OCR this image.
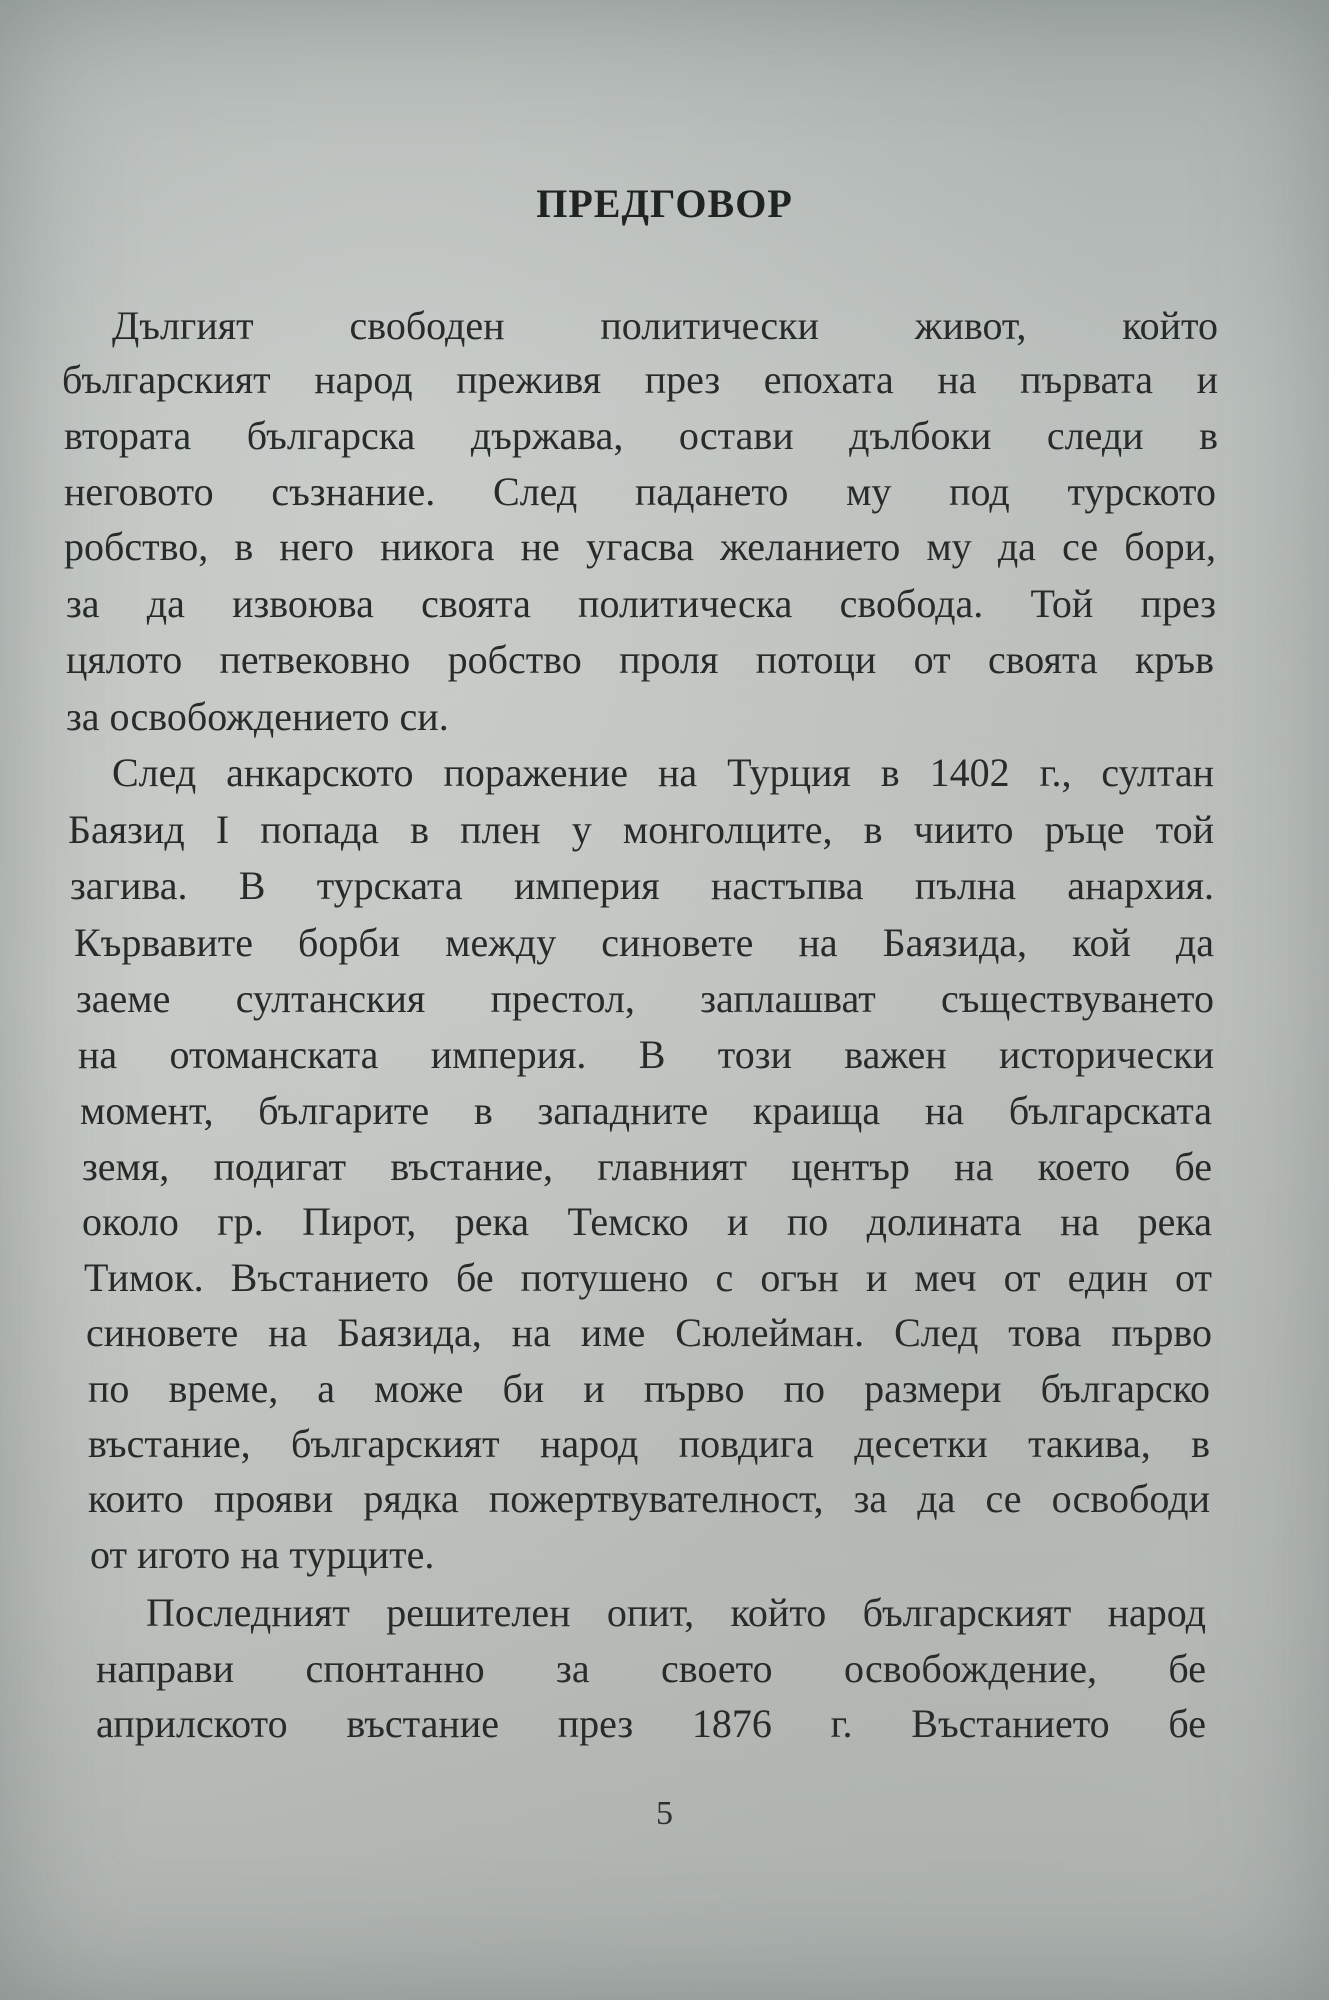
ПРЕДГОВОР
Дългият свободен политически живот, който
българският народ преживя през епохата на първата и
втората българска държава, остави дълбоки следи в
неговото съзнание. След падането му под турското
робство, в него никога не угасва желанието му да се бори,
за да извоюва своята политическа свобода. Той през
цялото петвековно робство проля потоци от своята кръв
за освобождението си.
След анкарското поражение на Турция в 1402 г., султан
Баязид I попада в плен у монголците, в чиито ръце той
загива. В турската империя настъпва пълна анархия.
Кървавите борби между синовете на Баязида, кой да
заеме султанския престол, заплашват съществуването
на отоманската империя. В този важен исторически
момент, българите в западните краища на българската
земя, подигат въстание, главният център на което бе
около гр. Пирот, река Темско и по долината на река
Тимок. Въстанието бе потушено с огън и меч от един от
синовете на Баязида, на име Сюлейман. След това първо
по време, а може би и първо по размери българско
въстание, българският народ повдига десетки такива, в
които прояви рядка пожертвувателност, за да се освободи
от игото на турците.
Последният решителен опит, който българският народ
направи спонтанно за своето освобождение, бе
априлското въстание през 1876 г. Въстанието бе
5
